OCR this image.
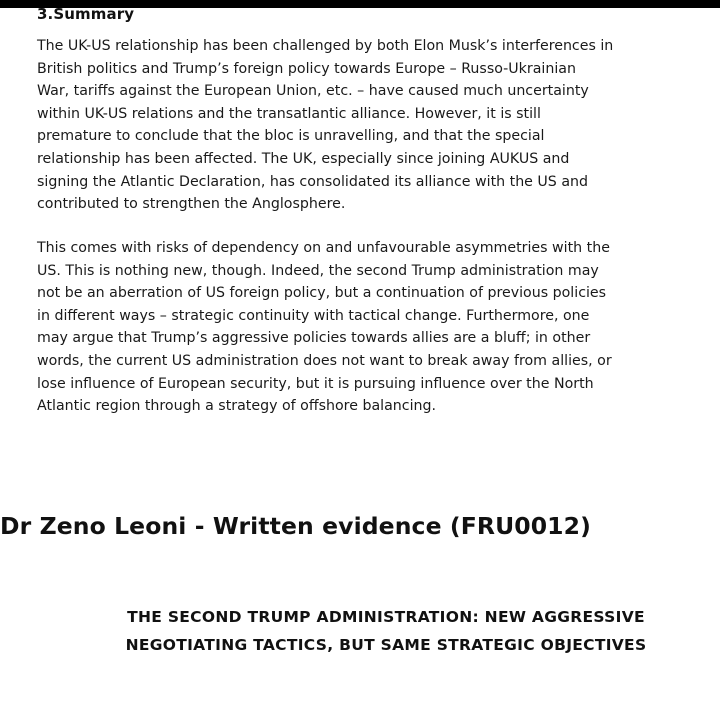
3.Summary

The UK-US relationship has been challenged by both Elon Musk’s interferences in
British politics and Trump’s foreign policy towards Europe – Russo-Ukrainian
War, tariffs against the European Union, etc. – have caused much uncertainty
within UK-US relations and the transatlantic alliance. However, it is still
premature to conclude that the bloc is unravelling, and that the special
relationship has been affected. The UK, especially since joining AUKUS and
signing the Atlantic Declaration, has consolidated its alliance with the US and
contributed to strengthen the Anglosphere.

This comes with risks of dependency on and unfavourable asymmetries with the
US. This is nothing new, though. Indeed, the second Trump administration may
not be an aberration of US foreign policy, but a continuation of previous policies
in different ways – strategic continuity with tactical change. Furthermore, one
may argue that Trump’s aggressive policies towards allies are a bluff; in other
words, the current US administration does not want to break away from allies, or
lose influence of European security, but it is pursuing influence over the North
Atlantic region through a strategy of offshore balancing.

Dr Zeno Leoni - Written evidence (FRU0012)
THE SECOND TRUMP ADMINISTRATION: NEW AGGRESSIVE
NEGOTIATING TACTICS, BUT SAME STRATEGIC OBJECTIVES
